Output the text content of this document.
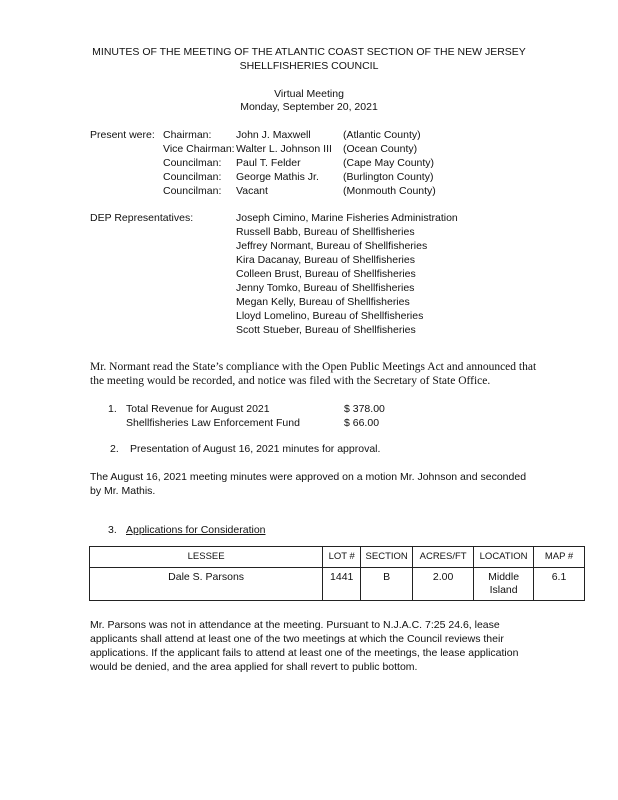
MINUTES OF THE MEETING OF THE ATLANTIC COAST SECTION OF THE NEW JERSEY
SHELLFISHERIES COUNCIL
Virtual Meeting
Monday, September 20, 2021
Present were: Chairman: John J. Maxwell	(Atlantic County)
Vice Chairman: Walter L. Johnson III (Ocean County)
Councilman: Paul T. Felder	(Cape May County)
Councilman: George Mathis Jr. (Burlington County)
Councilman: Vacant	(Monmouth County)
DEP Representatives:	Joseph Cimino, Marine Fisheries Administration
Russell Babb, Bureau of Shellfisheries
Jeffrey Normant, Bureau of Shellfisheries
Kira Dacanay, Bureau of Shellfisheries
Colleen Brust, Bureau of Shellfisheries
Jenny Tomko, Bureau of Shellfisheries
Megan Kelly, Bureau of Shellfisheries
Lloyd Lomelino, Bureau of Shellfisheries
Scott Stueber, Bureau of Shellfisheries
Mr. Normant read the State’s compliance with the Open Public Meetings Act and announced that
the meeting would be recorded, and notice was filed with the Secretary of State Office.
1. Total Revenue for August 2021	$ 378.00
Shellfisheries Law Enforcement Fund	$ 66.00
2. Presentation of August 16, 2021 minutes for approval.
The August 16, 2021 meeting minutes were approved on a motion Mr. Johnson and seconded
by Mr. Mathis.
3. Applications for Consideration
LESSEE	LOT #	SECTION	ACRES/FT	LOCATION	MAP #
Dale S. Parsons	1441	B	2.00	Middle
Island	6.1
Mr. Parsons was not in attendance at the meeting. Pursuant to N.J.A.C. 7:25 24.6, lease
applicants shall attend at least one of the two meetings at which the Council reviews their
applications. If the applicant fails to attend at least one of the meetings, the lease application
would be denied, and the area applied for shall revert to public bottom.
